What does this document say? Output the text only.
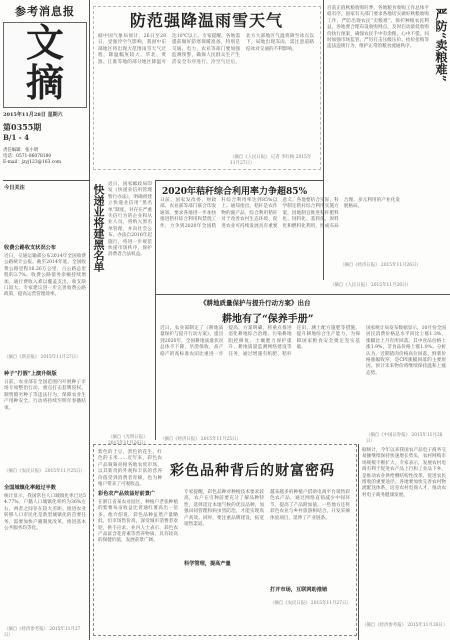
参考消息报
文
摘
2015年11月28日 星期六
第0355期
B/1 - 4
责任编辑：张小明
电话：0571-86078180
E-mail：jzyj123@163.com
防范强降温雨雪天气
据中国气象局预计，26日至28日，受强冷空气影响，我国中东部地区将出现大范围雨雪天气过程，降温幅度较大。华北、黄淮、江淮等地的部分地区降温可达10℃以上。专家提醒，各地需提前做好防寒保暖准备，特别是交通、电力、农业等部门要加强监测预警，确保人民群众生产生活安全有序进行。冷空气过后，北方大部地区气温将降至冰点以下，局地出现冻雨，需注意道路结冰对交通的不利影响。
（摘自《人民日报》 记者 李红梅 2015年11月27日）
严防“卖粮难”
目前正值秋粮收购旺季，各地粮食收购工作总体平稳有序。国家有关部门要求各地切实做好秋粮收购工作，严防出现农民“卖粮难”，保护种粮农民利益。各地要合理布设收购网点，及时启动最低收购价执行预案，确保农民手中有余粮，心中不慌。同时加强市场监管，严厉打击压级压价、抬价抢购等违法违规行为，维护正常的粮食流通秩序。
（摘自《经济日报》 2015年11月26日）
今日关注
收费公路收支状况公布
近日，交通运输部公布2014年全国收费公路统计公报。截至2014年底，全国收费公路里程16.26万公里，占公路总里程的3.7%。收费公路债务余额持续增加，通行费收入难以覆盖支出，收支缺口较大。专家建议进一步完善收费公路政策，提高运营管理效率。
（摘自《新京报》 2015年11月27日）
种子“打假”上演升级版
日前，农业部在全国范围内开展种子市场专项整治行动，重点打击套牌侵权、制售假劣种子等违法行为，保障农业生产用种安全。行动将持续至明年春播结束。
（摘自《农民日报》 2015年11月25日）
全国城镇化率超过半数
统计显示，我国常住人口城镇化率已达54.77%，户籍人口城镇化率约为36%左右，两者之间存在较大差距。推进农业转移人口市民化是新型城镇化的首要任务，需要加快户籍制度改革，推进基本公共服务均等化。
（摘自《经济参考报》 2015年11月27日）
快递业将建黑名单 近日，国家邮政局印发《快递业信用管理暂行办法》，明确将建立快递业信用“黑名单”制度。对存在严重失信行为的企业和从业人员，将纳入黑名单管理，并向社会公布。办法自2016年起施行，将进一步规范快递市场秩序，保护消费者合法权益。
（摘自《光明日报》 2015年11月26日）
2020年秸秆综合利用率力争超85%
日前，国家发改委、财政部、农业部等部门联合印发通知，要求各地进一步加快推进秸秆综合利用和禁烧工作，力争到2020年全国秸秆综合利用率达到85%以上。通知指出，秸秆是农作物的副产品，综合利用秸秆对于改善农村生态环境、促进农业可持续发展具有重要意义。各地要结合实际，科学制定秸秆综合利用实施方案，因地制宜推进秸秆肥料化、饲料化、基料化、原料化和燃料化利用，形成布局合理、多元利用的产业化发展格局。
（摘自《人民日报》 2015年11月26日）
《耕地质量保护与提升行动方案》出台
耕地有了“保养手册”
近日，农业部制定了《耕地质量保护与提升行动方案》，提出到2020年，全国耕地质量状况总体不下降，旱涝保收、高产稳产的高标准农田比重进一步提高。方案明确，将重点推进退化耕地综合治理、污染耕地阻控修复、土壤肥力保护提升、耕地质量监测网络建设等任务，通过增施有机肥、秸秆还田、测土配方施肥等措施，提升耕地综合生产能力，为保障国家粮食安全奠定坚实基础。
（摘自《经济日报》 2015年11月25日）
国家统计局发布数据显示，10月份全国居民消费价格总水平同比上涨1.3%，涨幅比上月有所回落。其中食品价格上涨1.9%，非食品价格上涨1.0%。分析认为，近期猪肉价格高位回落，鲜菜价格涨幅收窄，是CPI涨幅回落的主要原因。预计未来物价将继续保持温和上涨态势。
（摘自《中国证券报》 2015年11月26日）
彩色品种背后的财富密码
紫色的土豆、黑色的花生、红色的玉米……近年来，彩色农产品频频亮相各地农贸市场，以其新奇的外观和丰富的营养价值受到消费者青睐，也为种植户带来了可观收益。
彩色农产品效益好前景广
在浙江省某农业园区，种植户老张种植的紫薯每亩收益比普通红薯高出一倍多。他介绍说，彩色品种虽然产量略低，但市场售价高，深受城市消费者欢迎，供不应求。业内人士表示，彩色农产品富含花青素等营养物质，具有较高的保健价值，发展前景广阔。
科学管理，提高产量
专家提醒，彩色品种对种植技术要求较高，农户在引种前要充分了解品种特性，选择适宜本地气候的优良品种，加强田间管理和病虫害防治，才能实现高产高效。同时，要注重品牌建设，拓宽销售渠道。
打开市场，互联网助推销
越来越多的种植户借助电商平台销售彩色农产品，通过网络直销减少中间环节，提高了产品附加值。一些地方还将彩色农业与乡村旅游相结合，开发采摘体验项目，延伸了产业链条。
（摘自《农民日报》 2015年11月27日）
据统计，今年以来我国农产品电子商务交易额继续保持快速增长势头，农村网购市场规模不断扩大。专家表示，发展农村电商有利于促进农产品上行和工业品下乡，是推动农业供给侧结构性改革、促进农民增收的重要途径。各地要加快完善农村物流配送体系，培育农村电商人才，推动农村电子商务健康发展。
（摘自《经济参考报》 2015年11月26日）
